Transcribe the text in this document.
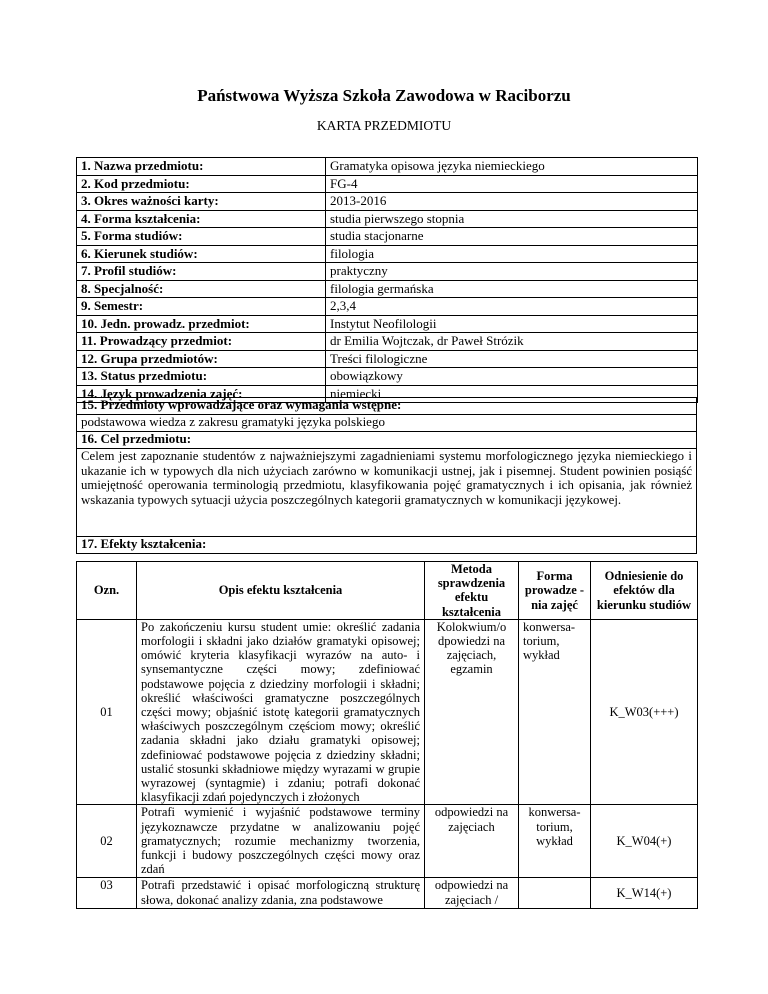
Państwowa Wyższa Szkoła Zawodowa w Raciborzu
KARTA PRZEDMIOTU
1. Nazwa przedmiotu:	Gramatyka opisowa języka niemieckiego
2. Kod przedmiotu:	FG-4
3. Okres ważności karty:	2013-2016
4. Forma kształcenia:	studia pierwszego stopnia
5. Forma studiów:	studia stacjonarne
6. Kierunek studiów:	filologia
7. Profil studiów:	praktyczny
8. Specjalność:	filologia germańska
9. Semestr:	2,3,4
10. Jedn. prowadz. przedmiot:	Instytut Neofilologii
11. Prowadzący przedmiot:	dr Emilia Wojtczak, dr Paweł Strózik
12. Grupa przedmiotów:	Treści filologiczne
13. Status przedmiotu:	obowiązkowy
14. Język prowadzenia zajęć:	niemiecki
15. Przedmioty wprowadzające oraz wymagania wstępne:
podstawowa wiedza z zakresu gramatyki języka polskiego
16. Cel przedmiotu:
Celem jest zapoznanie studentów z najważniejszymi zagadnieniami systemu morfologicznego języka niemieckiego i ukazanie ich w typowych dla nich użyciach zarówno w komunikacji ustnej, jak i pisemnej. Student powinien posiąść umiejętność operowania terminologią przedmiotu, klasyfikowania pojęć gramatycznych i ich opisania, jak również wskazania typowych sytuacji użycia poszczególnych kategorii gramatycznych w komunikacji językowej.
17. Efekty kształcenia:
Ozn.	Opis efektu kształcenia	Metoda sprawdzenia efektu kształcenia	Forma prowadze -nia zajęć	Odniesienie do efektów dla kierunku studiów
01	Po zakończeniu kursu student umie: określić zadania morfologii i składni jako działów gramatyki opisowej; omówić kryteria klasyfikacji wyrazów na auto- i synsemantyczne części mowy; zdefiniować podstawowe pojęcia z dziedziny morfologii i składni; określić właściwości gramatyczne poszczególnych części mowy; objaśnić istotę kategorii gramatycznych właściwych poszczególnym częściom mowy; określić zadania składni jako działu gramatyki opisowej; zdefiniować podstawowe pojęcia z dziedziny składni; ustalić stosunki składniowe między wyrazami w grupie wyrazowej (syntagmie) i zdaniu; potrafi dokonać klasyfikacji zdań pojedynczych i złożonych	Kolokwium/o dpowiedzi na zajęciach, egzamin	konwersa-torium, wykład	K_W03(+++)
02	Potrafi wymienić i wyjaśnić podstawowe terminy językoznawcze przydatne w analizowaniu pojęć gramatycznych; rozumie mechanizmy tworzenia, funkcji i budowy poszczególnych części mowy oraz zdań	odpowiedzi na zajęciach	konwersa-torium, wykład	K_W04(+)
03	Potrafi przedstawić i opisać morfologiczną strukturę słowa, dokonać analizy zdania, zna podstawowe	odpowiedzi na zajęciach /		K_W14(+)
